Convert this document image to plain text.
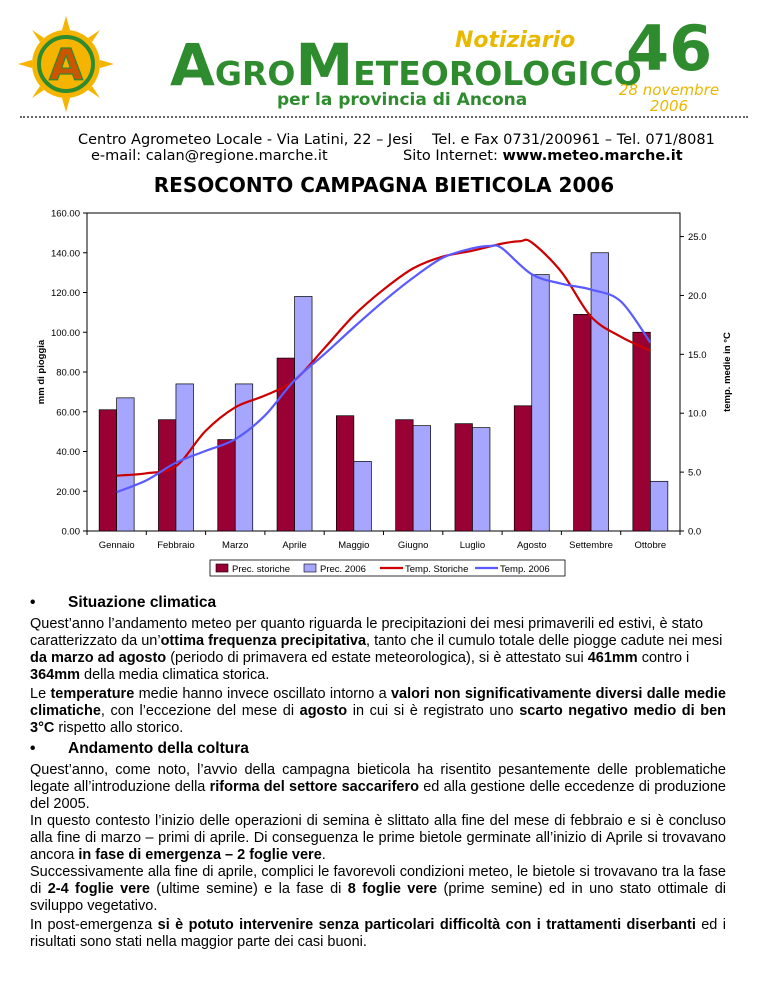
A AGROMETEOROLOGICO
Notiziario
per la provincia di Ancona
46
28 novembre
2006
Centro Agrometeo Locale - Via Latini, 22 – Jesi Tel. e Fax 0731/200961 – Tel. 071/8081
e-mail: calan@regione.marche.it	Sito Internet: www.meteo.marche.it
RESOCONTO CAMPAGNA BIETICOLA 2006
0.00
20.00
40.00
60.00
80.00
100.00
120.00
140.00
160.00
0.0
5.0
10.0
15.0
20.0
25.0
Gennaio Febbraio	Marzo	Aprile	Maggio	Giugno	Luglio	Agosto Settembre Ottobre
mm di pioggia	temp. medie in °C
Prec. storiche	Prec. 2006	Temp. Storiche	Temp. 2006
• Situazione climatica

Quest’anno l’andamento meteo per quanto riguarda le precipitazioni dei mesi primaverili ed estivi, è stato caratterizzato da un’ottima frequenza precipitativa, tanto che il cumulo totale delle piogge cadute nei mesi da marzo ad agosto (periodo di primavera ed estate meteorologica), si è attestato sui 461mm contro i 364mm della media climatica storica.

Le temperature medie hanno invece oscillato intorno a valori non significativamente diversi dalle medie climatiche, con l’eccezione del mese di agosto in cui si è registrato uno scarto negativo medio di ben 3°C rispetto allo storico.

• Andamento della coltura

Quest’anno, come noto, l’avvio della campagna bieticola ha risentito pesantemente delle problematiche legate all’introduzione della riforma del settore saccarifero ed alla gestione delle eccedenze di produzione del 2005.

In questo contesto l’inizio delle operazioni di semina è slittato alla fine del mese di febbraio e si è concluso alla fine di marzo – primi di aprile. Di conseguenza le prime bietole germinate all’inizio di Aprile si trovavano ancora in fase di emergenza – 2 foglie vere.

Successivamente alla fine di aprile, complici le favorevoli condizioni meteo, le bietole si trovavano tra la fase di 2-4 foglie vere (ultime semine) e la fase di 8 foglie vere (prime semine) ed in uno stato ottimale di sviluppo vegetativo.

In post-emergenza si è potuto intervenire senza particolari difficoltà con i trattamenti diserbanti ed i risultati sono stati nella maggior parte dei casi buoni.
